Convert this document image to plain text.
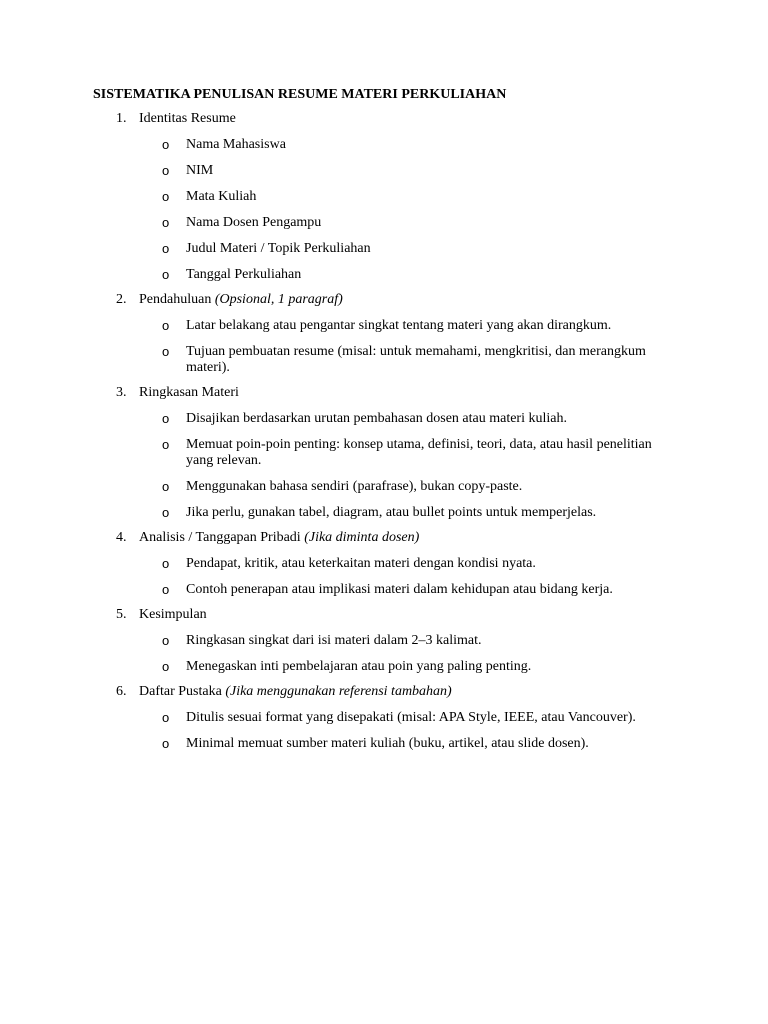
SISTEMATIKA PENULISAN RESUME MATERI PERKULIAHAN
1. Identitas Resume
o Nama Mahasiswa
o NIM
o Mata Kuliah
o Nama Dosen Pengampu
o Judul Materi / Topik Perkuliahan
o Tanggal Perkuliahan
2. Pendahuluan (Opsional, 1 paragraf)
o Latar belakang atau pengantar singkat tentang materi yang akan dirangkum.
o Tujuan pembuatan resume (misal: untuk memahami, mengkritisi, dan merangkum materi).
3. Ringkasan Materi
o Disajikan berdasarkan urutan pembahasan dosen atau materi kuliah.
o Memuat poin-poin penting: konsep utama, definisi, teori, data, atau hasil penelitian yang relevan.
o Menggunakan bahasa sendiri (parafrase), bukan copy-paste.
o Jika perlu, gunakan tabel, diagram, atau bullet points untuk memperjelas.
4. Analisis / Tanggapan Pribadi (Jika diminta dosen)
o Pendapat, kritik, atau keterkaitan materi dengan kondisi nyata.
o Contoh penerapan atau implikasi materi dalam kehidupan atau bidang kerja.
5. Kesimpulan
o Ringkasan singkat dari isi materi dalam 2–3 kalimat.
o Menegaskan inti pembelajaran atau poin yang paling penting.
6. Daftar Pustaka (Jika menggunakan referensi tambahan)
o Ditulis sesuai format yang disepakati (misal: APA Style, IEEE, atau Vancouver).
o Minimal memuat sumber materi kuliah (buku, artikel, atau slide dosen).
